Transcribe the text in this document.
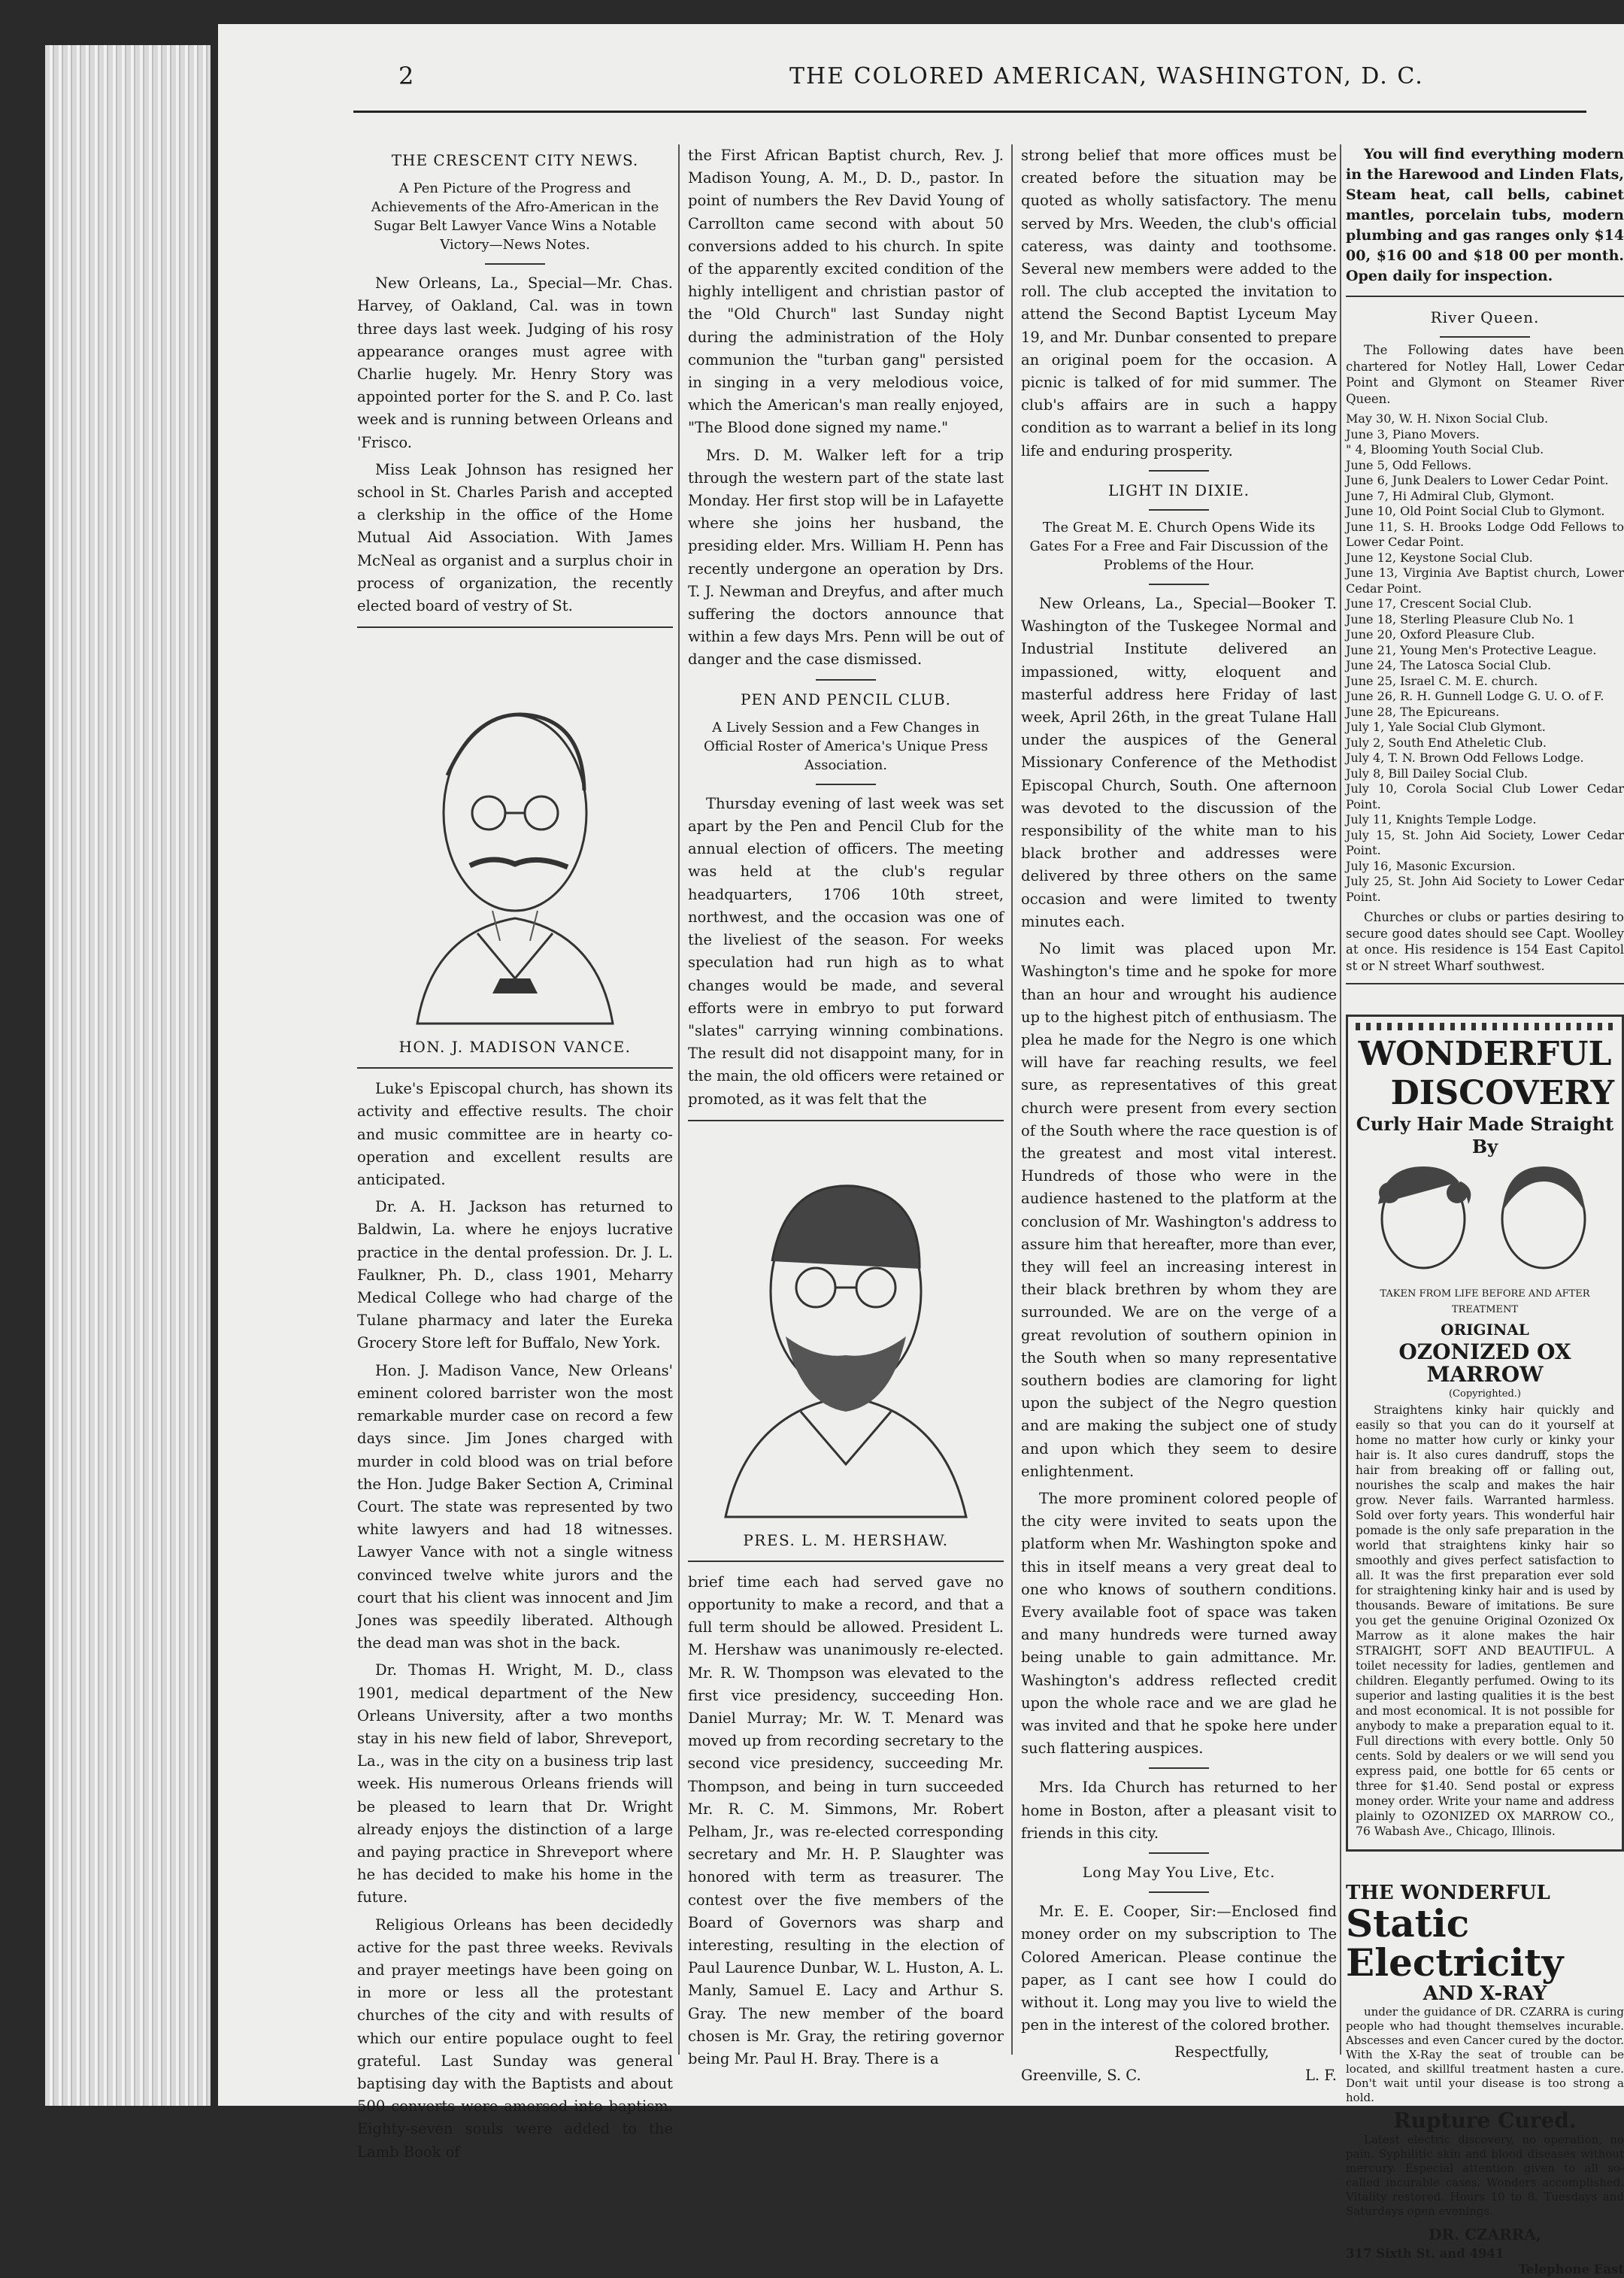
2	THE COLORED AMERICAN, WASHINGTON, D. C.
THE CRESCENT CITY NEWS.
A Pen Picture of the Progress and Achievements of the Afro-American in the Sugar Belt Lawyer Vance Wins a Notable Victory—News Notes.

New Orleans, La., Special—Mr. Chas. Harvey, of Oakland, Cal. was in town three days last week. Judging of his rosy appearance oranges must agree with Charlie hugely. Mr. Henry Story was appointed porter for the S. and P. Co. last week and is running between Orleans and 'Frisco.

Miss Leak Johnson has resigned her school in St. Charles Parish and accepted a clerkship in the office of the Home Mutual Aid Association. With James McNeal as organist and a surplus choir in process of organization, the recently elected board of vestry of St.

HON. J. MADISON VANCE.

Luke's Episcopal church, has shown its activity and effective results. The choir and music committee are in hearty co-operation and excellent results are anticipated.

Dr. A. H. Jackson has returned to Baldwin, La. where he enjoys lucrative practice in the dental profession. Dr. J. L. Faulkner, Ph. D., class 1901, Meharry Medical College who had charge of the Tulane pharmacy and later the Eureka Grocery Store left for Buffalo, New York.

Hon. J. Madison Vance, New Orleans' eminent colored barrister won the most remarkable murder case on record a few days since. Jim Jones charged with murder in cold blood was on trial before the Hon. Judge Baker Section A, Criminal Court. The state was represented by two white lawyers and had 18 witnesses. Lawyer Vance with not a single witness convinced twelve white jurors and the court that his client was innocent and Jim Jones was speedily liberated. Although the dead man was shot in the back.

Dr. Thomas H. Wright, M. D., class 1901, medical department of the New Orleans University, after a two months stay in his new field of labor, Shreveport, La., was in the city on a business trip last week. His numerous Orleans friends will be pleased to learn that Dr. Wright already enjoys the distinction of a large and paying practice in Shreveport where he has decided to make his home in the future.

Religious Orleans has been decidedly active for the past three weeks. Revivals and prayer meetings have been going on in more or less all the protestant churches of the city and with results of which our entire populace ought to feel grateful. Last Sunday was general baptising day with the Baptists and about 500 converts were amersed into baptism. Eighty-seven souls were added to the Lamb Book of

the First African Baptist church, Rev. J. Madison Young, A. M., D. D., pastor. In point of numbers the Rev David Young of Carrollton came second with about 50 conversions added to his church. In spite of the apparently excited condition of the highly intelligent and christian pastor of the "Old Church" last Sunday night during the administration of the Holy communion the "turban gang" persisted in singing in a very melodious voice, which the American's man really enjoyed, "The Blood done signed my name."

Mrs. D. M. Walker left for a trip through the western part of the state last Monday. Her first stop will be in Lafayette where she joins her husband, the presiding elder. Mrs. William H. Penn has recently undergone an operation by Drs. T. J. Newman and Dreyfus, and after much suffering the doctors announce that within a few days Mrs. Penn will be out of danger and the case dismissed.

PEN AND PENCIL CLUB.
A Lively Session and a Few Changes in Official Roster of America's Unique Press Association.

Thursday evening of last week was set apart by the Pen and Pencil Club for the annual election of officers. The meeting was held at the club's regular headquarters, 1706 10th street, northwest, and the occasion was one of the liveliest of the season. For weeks speculation had run high as to what changes would be made, and several efforts were in embryo to put forward "slates" carrying winning combinations. The result did not disappoint many, for in the main, the old officers were retained or promoted, as it was felt that the

PRES. L. M. HERSHAW.

brief time each had served gave no opportunity to make a record, and that a full term should be allowed. President L. M. Hershaw was unanimously re-elected. Mr. R. W. Thompson was elevated to the first vice presidency, succeeding Hon. Daniel Murray; Mr. W. T. Menard was moved up from recording secretary to the second vice presidency, succeeding Mr. Thompson, and being in turn succeeded Mr. R. C. M. Simmons, Mr. Robert Pelham, Jr., was re-elected corresponding secretary and Mr. H. P. Slaughter was honored with term as treasurer. The contest over the five members of the Board of Governors was sharp and interesting, resulting in the election of Paul Laurence Dunbar, W. L. Huston, A. L. Manly, Samuel E. Lacy and Arthur S. Gray. The new member of the board chosen is Mr. Gray, the retiring governor being Mr. Paul H. Bray. There is a

strong belief that more offices must be created before the situation may be quoted as wholly satisfactory. The menu served by Mrs. Weeden, the club's official cateress, was dainty and toothsome. Several new members were added to the roll. The club accepted the invitation to attend the Second Baptist Lyceum May 19, and Mr. Dunbar consented to prepare an original poem for the occasion. A picnic is talked of for mid summer. The club's affairs are in such a happy condition as to warrant a belief in its long life and enduring prosperity.

LIGHT IN DIXIE.
The Great M. E. Church Opens Wide its Gates For a Free and Fair Discussion of the Problems of the Hour.

New Orleans, La., Special—Booker T. Washington of the Tuskegee Normal and Industrial Institute delivered an impassioned, witty, eloquent and masterful address here Friday of last week, April 26th, in the great Tulane Hall under the auspices of the General Missionary Conference of the Methodist Episcopal Church, South. One afternoon was devoted to the discussion of the responsibility of the white man to his black brother and addresses were delivered by three others on the same occasion and were limited to twenty minutes each.

No limit was placed upon Mr. Washington's time and he spoke for more than an hour and wrought his audience up to the highest pitch of enthusiasm. The plea he made for the Negro is one which will have far reaching results, we feel sure, as representatives of this great church were present from every section of the South where the race question is of the greatest and most vital interest. Hundreds of those who were in the audience hastened to the platform at the conclusion of Mr. Washington's address to assure him that hereafter, more than ever, they will feel an increasing interest in their black brethren by whom they are surrounded. We are on the verge of a great revolution of southern opinion in the South when so many representative southern bodies are clamoring for light upon the subject of the Negro question and are making the subject one of study and upon which they seem to desire enlightenment.

The more prominent colored people of the city were invited to seats upon the platform when Mr. Washington spoke and this in itself means a very great deal to one who knows of southern conditions. Every available foot of space was taken and many hundreds were turned away being unable to gain admittance. Mr. Washington's address reflected credit upon the whole race and we are glad he was invited and that he spoke here under such flattering auspices.

Mrs. Ida Church has returned to her home in Boston, after a pleasant visit to friends in this city.

Long May You Live, Etc.

Mr. E. E. Cooper, Sir:—Enclosed find money order on my subscription to The Colored American. Please continue the paper, as I cant see how I could do without it. Long may you live to wield the pen in the interest of the colored brother.

Respectfully,
Greenville, S. C.	L. F.

You will find everything modern in the Harewood and Linden Flats, Steam heat, call bells, cabinet mantles, porcelain tubs, modern plumbing and gas ranges only $14 00, $16 00 and $18 00 per month. Open daily for inspection.

River Queen.

The Following dates have been chartered for Notley Hall, Lower Cedar Point and Glymont on Steamer River Queen.

May 30, W. H. Nixon Social Club.
June 3, Piano Movers.
" 4, Blooming Youth Social Club.
June 5, Odd Fellows.
June 6, Junk Dealers to Lower Cedar Point.
June 7, Hi Admiral Club, Glymont.
June 10, Old Point Social Club to Glymont.
June 11, S. H. Brooks Lodge Odd Fellows to Lower Cedar Point.
June 12, Keystone Social Club.
June 13, Virginia Ave Baptist church, Lower Cedar Point.
June 17, Crescent Social Club.
June 18, Sterling Pleasure Club No. 1
June 20, Oxford Pleasure Club.
June 21, Young Men's Protective League.
June 24, The Latosca Social Club.
June 25, Israel C. M. E. church.
June 26, R. H. Gunnell Lodge G. U. O. of F.
June 28, The Epicureans.
July 1, Yale Social Club Glymont.
July 2, South End Atheletic Club.
July 4, T. N. Brown Odd Fellows Lodge.
July 8, Bill Dailey Social Club.
July 10, Corola Social Club Lower Cedar Point.
July 11, Knights Temple Lodge.
July 15, St. John Aid Society, Lower Cedar Point.
July 16, Masonic Excursion.
July 25, St. John Aid Society to Lower Cedar Point.

Churches or clubs or parties desiring to secure good dates should see Capt. Woolley at once. His residence is 154 East Capitol st or N street Wharf southwest.

WONDERFUL
DISCOVERY
Curly Hair Made Straight By
TAKEN FROM LIFE BEFORE AND AFTER TREATMENT
ORIGINAL
OZONIZED OX MARROW
(Copyrighted.)

Straightens kinky hair quickly and easily so that you can do it yourself at home no matter how curly or kinky your hair is. It also cures dandruff, stops the hair from breaking off or falling out, nourishes the scalp and makes the hair grow. Never fails. Warranted harmless. Sold over forty years. This wonderful hair pomade is the only safe preparation in the world that straightens kinky hair so smoothly and gives perfect satisfaction to all. It was the first preparation ever sold for straightening kinky hair and is used by thousands. Beware of imitations. Be sure you get the genuine Original Ozonized Ox Marrow as it alone makes the hair STRAIGHT, SOFT AND BEAUTIFUL. A toilet necessity for ladies, gentlemen and children. Elegantly perfumed. Owing to its superior and lasting qualities it is the best and most economical. It is not possible for anybody to make a preparation equal to it. Full directions with every bottle. Only 50 cents. Sold by dealers or we will send you express paid, one bottle for 65 cents or three for $1.40. Send postal or express money order. Write your name and address plainly to OZONIZED OX MARROW CO., 76 Wabash Ave., Chicago, Illinois.

THE WONDERFUL
Static Electricity
AND X-RAY

under the guidance of DR. CZARRA is curing people who had thought themselves incurable. Abscesses and even Cancer cured by the doctor. With the X-Ray the seat of trouble can be located, and skillful treatment hasten a cure. Don't wait until your disease is too strong a hold.

Rupture Cured.

Latest electric discovery, no operation, no pain. Syphilitic skin and blood diseases without mercury. Especial attention given to all so-called incurable cases. Wonders accomplished. Vitality restored. Hours 10 to 8. Tuesdays and Saturdays open evenings.

DR. CZARRA,
317 Sixth St. and 4941
Telephone East
